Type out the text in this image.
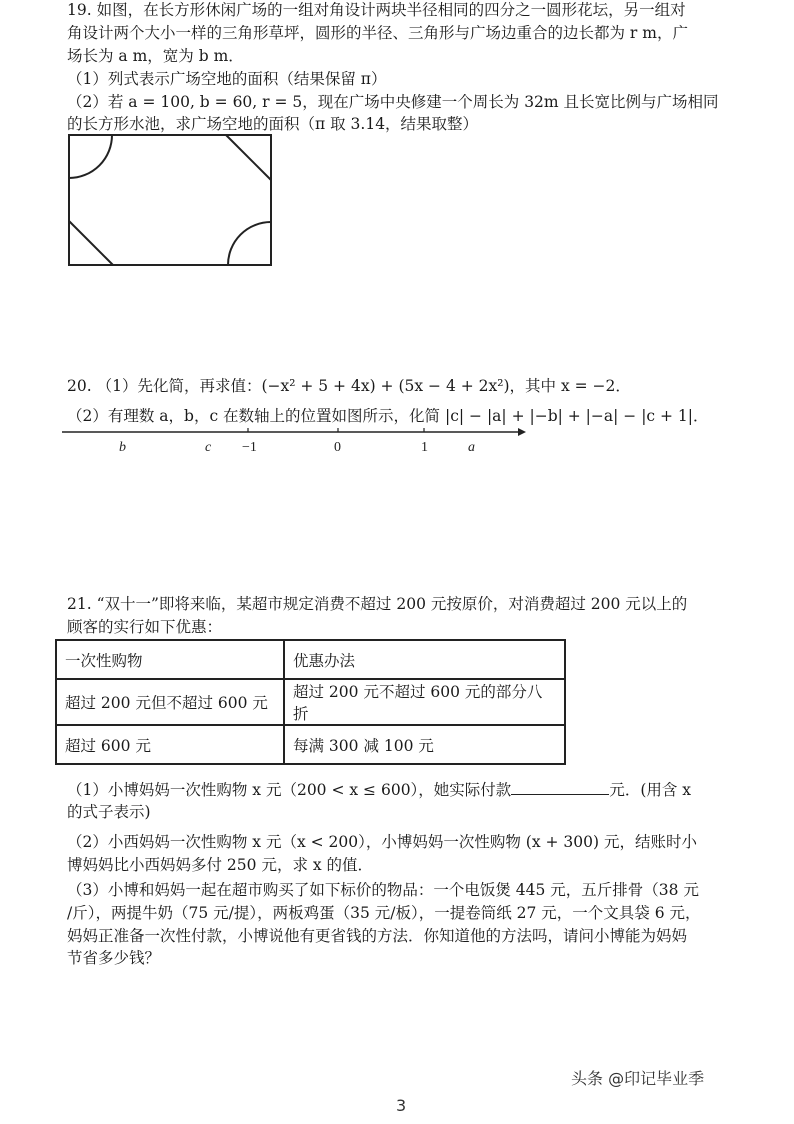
19. 如图，在长方形休闲广场的一组对角设计两块半径相同的四分之一圆形花坛，另一组对
角设计两个大小一样的三角形草坪，圆形的半径、三角形与广场边重合的边长都为 r m，广
场长为 a m，宽为 b m．
（1）列式表示广场空地的面积（结果保留 π）
（2）若 a = 100, b = 60, r = 5，现在广场中央修建一个周长为 32m 且长宽比例与广场相同
的长方形水池，求广场空地的面积（π 取 3.14，结果取整）
20. （1）先化简，再求值：(−x² + 5 + 4x) + (5x − 4 + 2x²)，其中 x = −2．
（2）有理数 a，b，c 在数轴上的位置如图所示，化简 |c| − |a| + |−b| + |−a| − |c + 1|．
b	c −1	0	1	a
21. “双十一”即将来临，某超市规定消费不超过 200 元按原价，对消费超过 200 元以上的
顾客的实行如下优惠：
一次性购物	优惠办法
超过 200 元但不超过 600 元	超过 200 元不超过 600 元的部分八折
超过 600 元	每满 300 减 100 元
（1）小博妈妈一次性购物 x 元（200 < x ≤ 600），她实际付款	元．(用含 x
的式子表示)
（2）小西妈妈一次性购物 x 元（x < 200），小博妈妈一次性购物 (x + 300) 元，结账时小
博妈妈比小西妈妈多付 250 元，求 x 的值．
（3）小博和妈妈一起在超市购买了如下标价的物品：一个电饭煲 445 元，五斤排骨（38 元
/斤），两提牛奶（75 元/提），两板鸡蛋（35 元/板），一提卷筒纸 27 元，一个文具袋 6 元，
妈妈正准备一次性付款，小博说他有更省钱的方法．你知道他的方法吗，请问小博能为妈妈
节省多少钱？
头条 @印记毕业季
3
